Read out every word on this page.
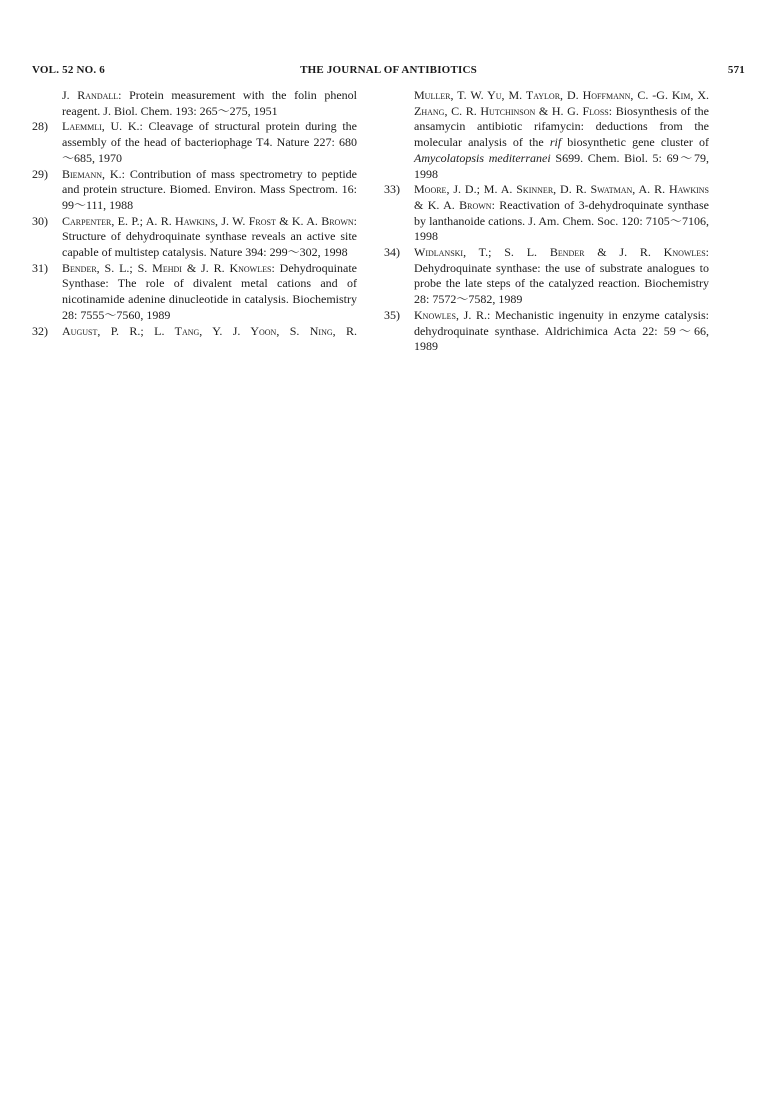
VOL. 52 NO. 6	THE JOURNAL OF ANTIBIOTICS	571
J. Randall: Protein measurement with the folin phenol reagent. J. Biol. Chem. 193: 265～275, 1951
28)	Laemmli, U. K.: Cleavage of structural protein during the assembly of the head of bacteriophage T4. Nature 227: 680～685, 1970
29)	Biemann, K.: Contribution of mass spectrometry to peptide and protein structure. Biomed. Environ. Mass Spectrom. 16: 99～111, 1988
30)	Carpenter, E. P.; A. R. Hawkins, J. W. Frost & K. A. Brown: Structure of dehydroquinate synthase reveals an active site capable of multistep catalysis. Nature 394: 299～302, 1998
31)	Bender, S. L.; S. Mehdi & J. R. Knowles: Dehydroquinate Synthase: The role of divalent metal cations and of nicotinamide adenine dinucleotide in catalysis. Biochemistry 28: 7555～7560, 1989
32)	August, P. R.; L. Tang, Y. J. Yoon, S. Ning, R.
Muller, T. W. Yu, M. Taylor, D. Hoffmann, C. -G. Kim, X. Zhang, C. R. Hutchinson & H. G. Floss: Biosynthesis of the ansamycin antibiotic rifamycin: deductions from the molecular analysis of the rif biosynthetic gene cluster of Amycolatopsis mediterranei S699. Chem. Biol. 5: 69～79, 1998
33)	Moore, J. D.; M. A. Skinner, D. R. Swatman, A. R. Hawkins & K. A. Brown: Reactivation of 3-dehydroquinate synthase by lanthanoide cations. J. Am. Chem. Soc. 120: 7105～7106, 1998
34)	Widlanski, T.; S. L. Bender & J. R. Knowles: Dehydroquinate synthase: the use of substrate analogues to probe the late steps of the catalyzed reaction. Biochemistry 28: 7572～7582, 1989
35)	Knowles, J. R.: Mechanistic ingenuity in enzyme catalysis: dehydroquinate synthase. Aldrichimica Acta 22: 59～66, 1989
